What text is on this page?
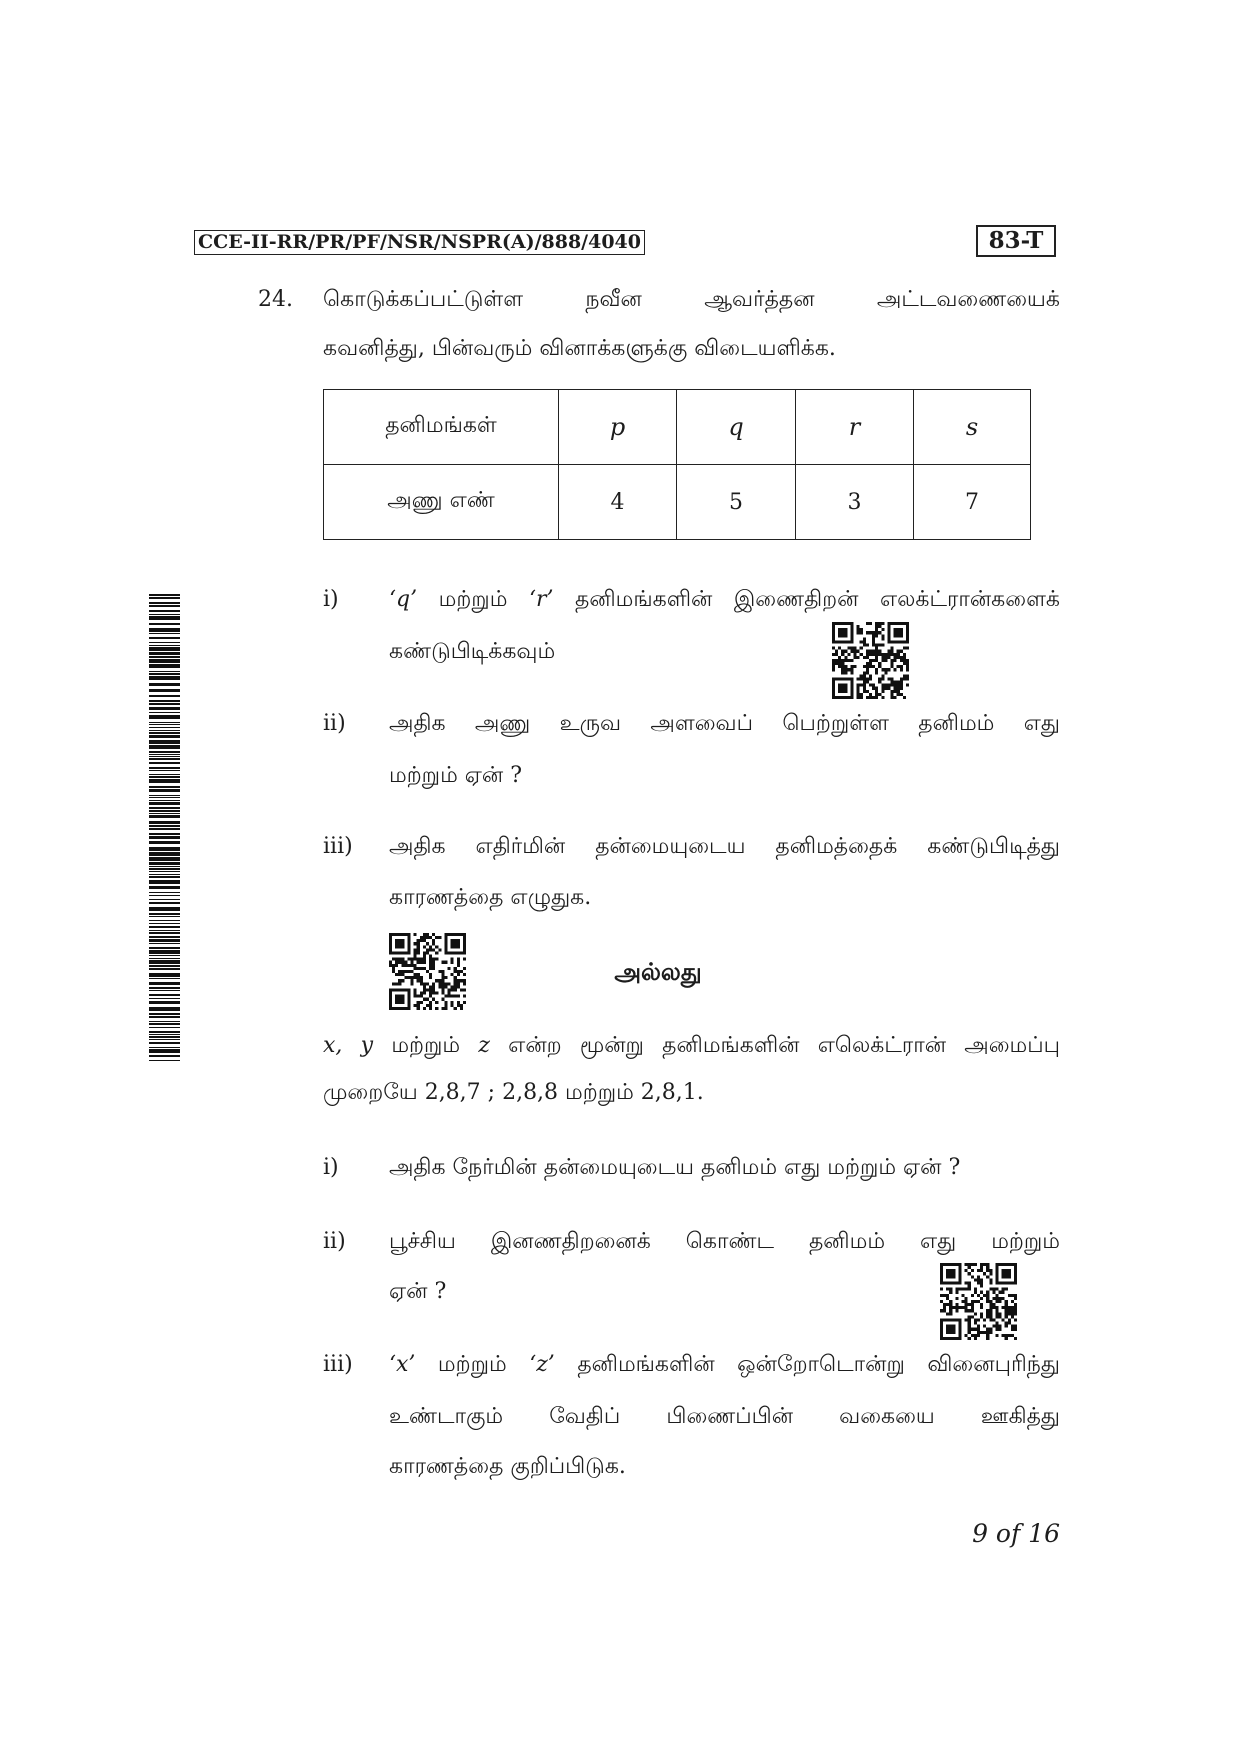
CCE-II-RR/PR/PF/NSR/NSPR(A)/888/4040	83-T
24. கொடுக்கப்பட்டுள்ள நவீன ஆவர்த்தன அட்டவணையைக்
கவனித்து, பின்வரும் வினாக்களுக்கு விடையளிக்க.
தனிமங்கள்	p	q	r	s
அணு எண்	4	5	3	7
i) ‘q’ மற்றும் ‘r’ தனிமங்களின் இணைதிறன் எலக்ட்ரான்களைக்
கண்டுபிடிக்கவும்
ii) அதிக அணு உருவ அளவைப் பெற்றுள்ள தனிமம் எது
மற்றும் ஏன் ?
iii) அதிக எதிர்மின் தன்மையுடைய தனிமத்தைக் கண்டுபிடித்து
காரணத்தை எழுதுக.
அல்லது
x, y மற்றும் z என்ற மூன்று தனிமங்களின் எலெக்ட்ரான் அமைப்பு
முறையே 2,8,7 ; 2,8,8 மற்றும் 2,8,1.
i) அதிக நேர்மின் தன்மையுடைய தனிமம் எது மற்றும் ஏன் ?
ii) பூச்சிய இனணதிறனைக் கொண்ட தனிமம் எது மற்றும்
ஏன் ?
iii) ‘x’ மற்றும் ‘z’ தனிமங்களின் ஒன்றோடொன்று வினைபுரிந்து
உண்டாகும் வேதிப் பிணைப்பின் வகையை ஊகித்து
காரணத்தை குறிப்பிடுக.
9 of 16
